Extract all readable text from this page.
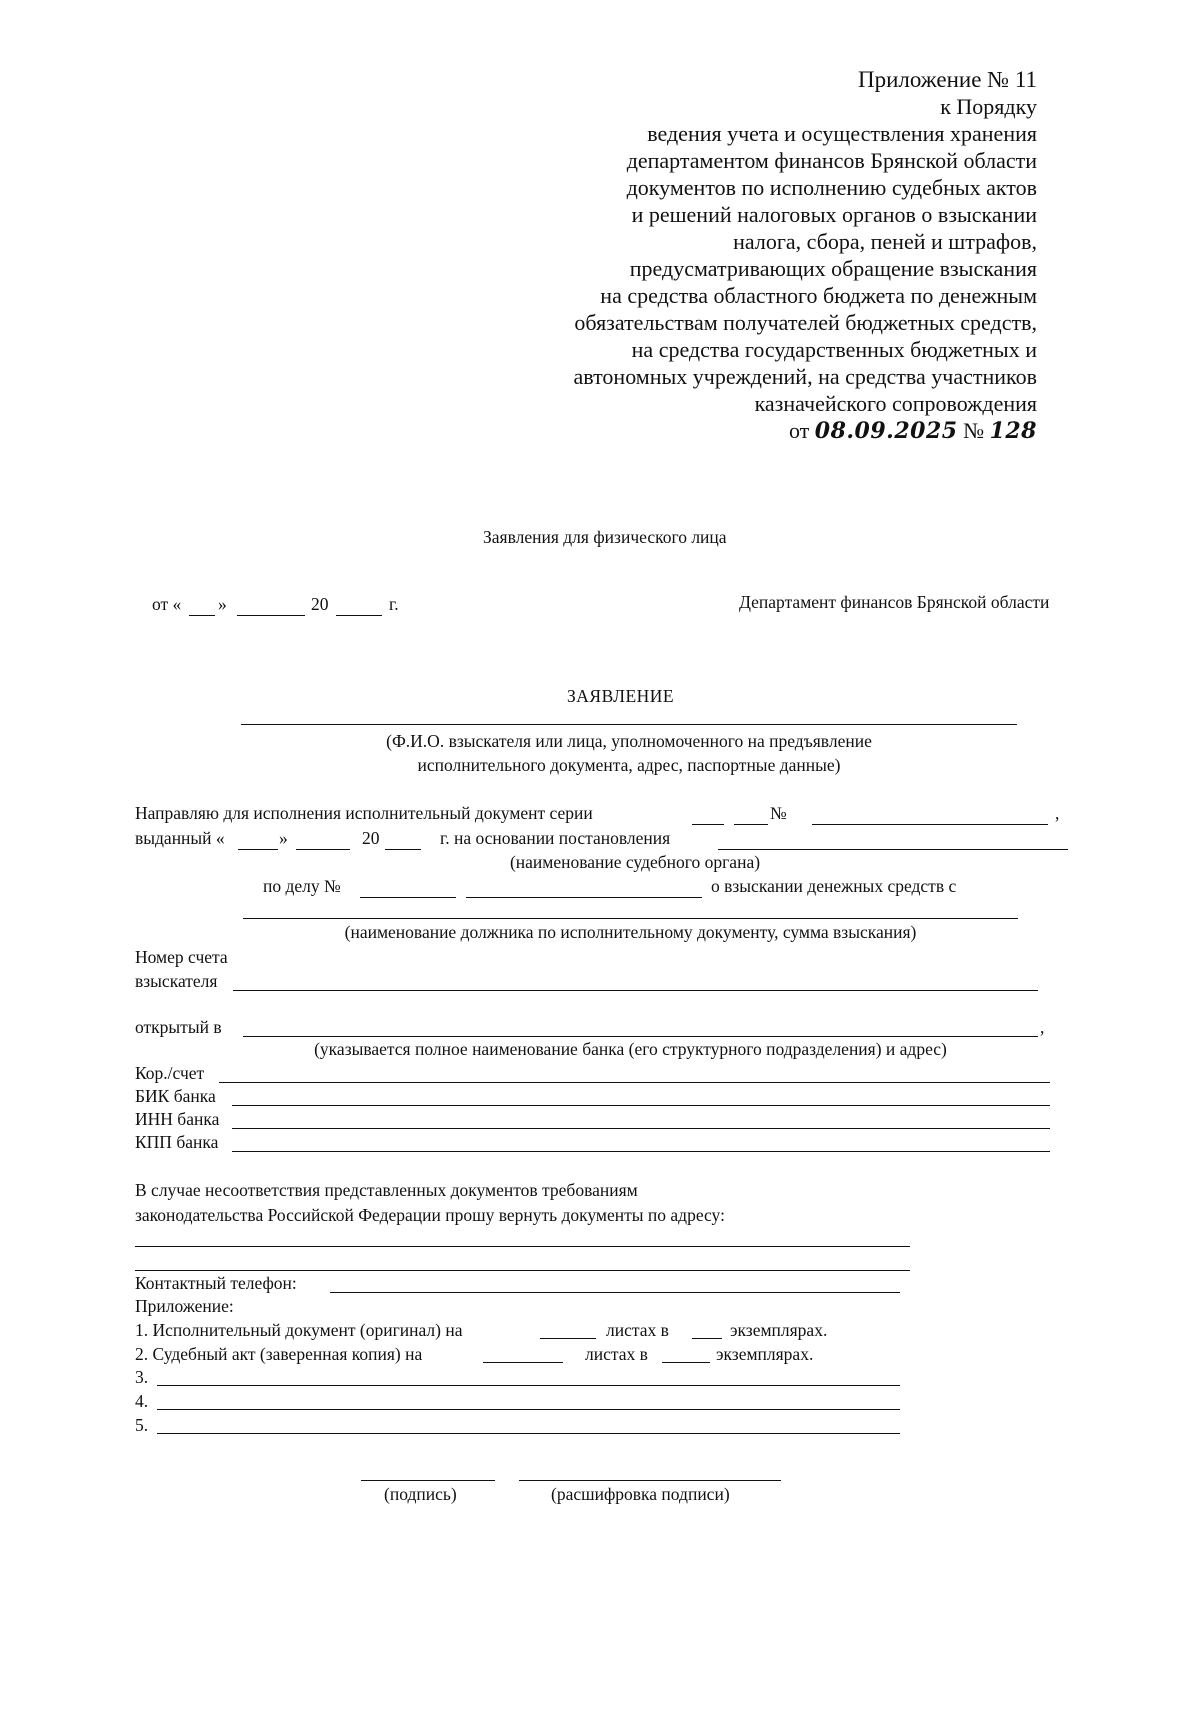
Приложение № 11
к Порядку
ведения учета и осуществления хранения
департаментом финансов Брянской области
документов по исполнению судебных актов
и решений налоговых органов о взыскании
налога, сбора, пеней и штрафов,
предусматривающих обращение взыскания
на средства областного бюджета по денежным
обязательствам получателей бюджетных средств,
на средства государственных бюджетных и
автономных учреждений, на средства участников
казначейского сопровождения
от 08.09.2025 № 128
Заявления для физического лица
от « »	20	г.	Департамент финансов Брянской области
ЗАЯВЛЕНИЕ
(Ф.И.О. взыскателя или лица, уполномоченного на предъявление
исполнительного документа, адрес, паспортные данные)
Направляю для исполнения исполнительный документ серии	№	,
выданный «	»	20	г. на основании постановления
(наименование судебного органа)
по делу №	о взыскании денежных средств с
(наименование должника по исполнительному документу, сумма взыскания)
Номер счета
взыскателя
открытый в	,
(указывается полное наименование банка (его структурного подразделения) и адрес)
Кор./счет
БИК банка
ИНН банка
КПП банка
В случае несоответствия представленных документов требованиям
законодательства Российской Федерации прошу вернуть документы по адресу:
Контактный телефон:
Приложение:
1. Исполнительный документ (оригинал) на	листах в	экземплярах.
2. Судебный акт (заверенная копия) на	листах в	экземплярах.
3.
4.
5.
(подпись)	(расшифровка подписи)
